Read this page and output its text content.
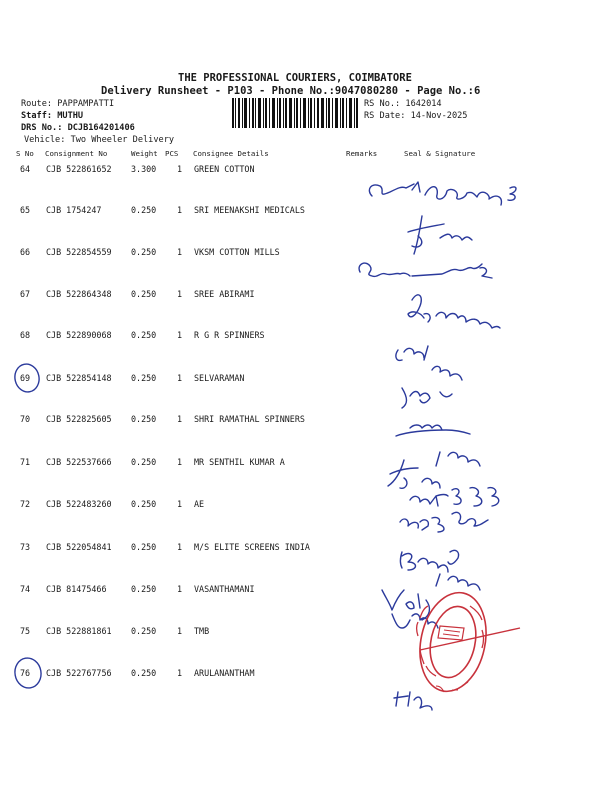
THE PROFESSIONAL COURIERS, COIMBATORE
Delivery Runsheet - P103 - Phone No.:9047080280 - Page No.:6
Route: PAPPAMPATTI
Staff: MUTHU
DRS No.: DCJB164201406
Vehicle: Two Wheeler Delivery
RS No.: 1642014
RS Date: 14-Nov-2025
S No Consignment No	Weight PCS Consignee Details	Remarks	Seal & Signature
64 CJB 522861652 3.300 1 GREEN COTTON
65 CJB 1754247	0.250 1 SRI MEENAKSHI MEDICALS
66 CJB 522854559 0.250 1 VKSM COTTON MILLS
67 CJB 522864348 0.250 1 SREE ABIRAMI
68 CJB 522890068 0.250 1 R G R SPINNERS
69 CJB 522854148 0.250 1 SELVARAMAN
70 CJB 522825605 0.250 1 SHRI RAMATHAL SPINNERS
71 CJB 522537666 0.250 1 MR SENTHIL KUMAR A
72 CJB 522483260 0.250 1 AE
73 CJB 522054841 0.250 1 M/S ELITE SCREENS INDIA
74 CJB 81475466	0.250 1 VASANTHAMANI
75 CJB 522881861 0.250 1 TMB
76 CJB 522767756 0.250 1 ARULANANTHAM
